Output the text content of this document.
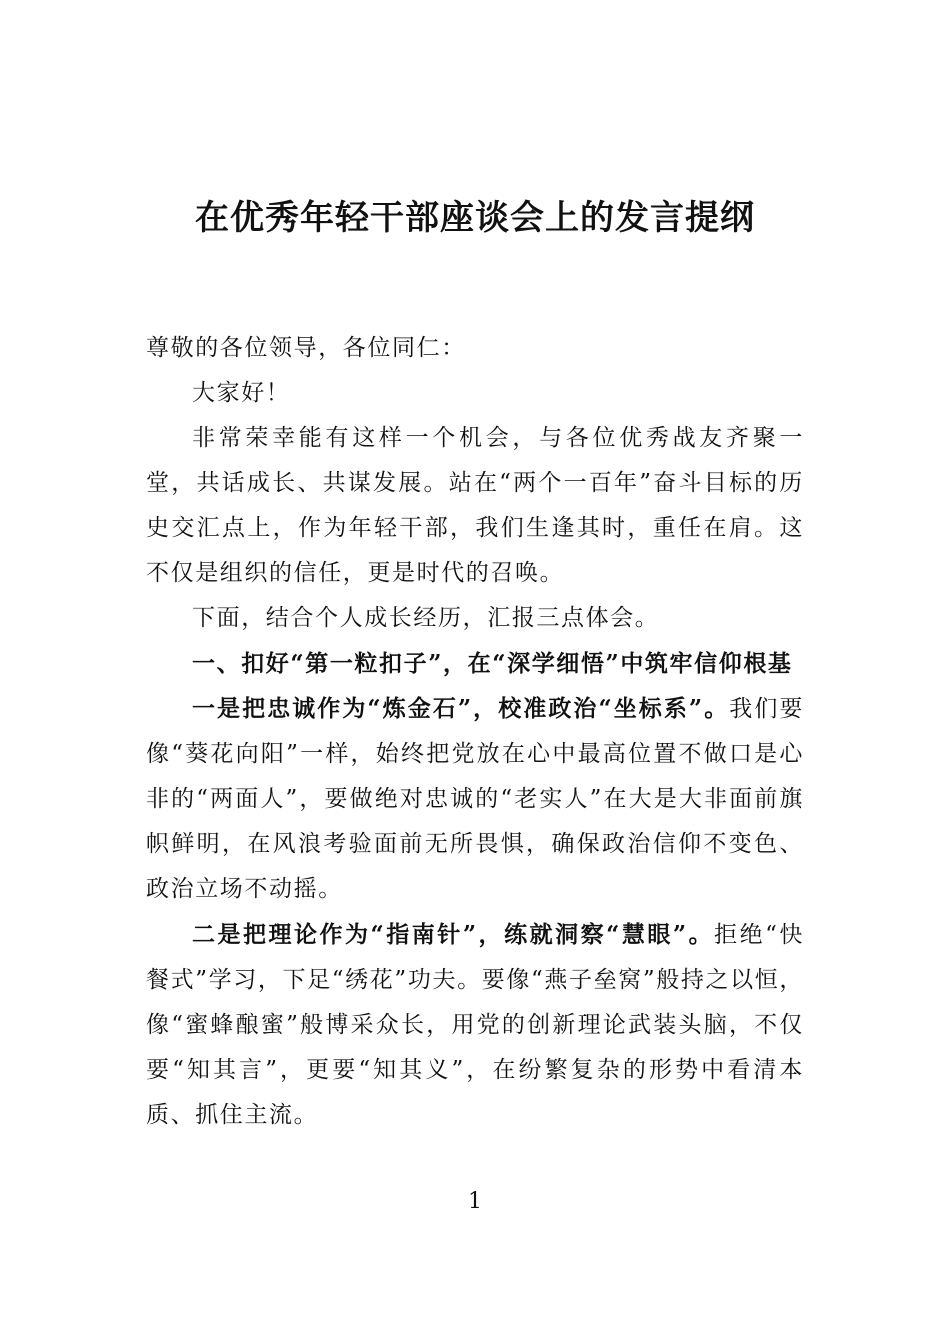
在优秀年轻干部座谈会上的发言提纲

尊敬的各位领导，各位同仁：

大家好！

非常荣幸能有这样一个机会，与各位优秀战友齐聚一堂，共话成长、共谋发展。站在“两个一百年”奋斗目标的历史交汇点上，作为年轻干部，我们生逢其时，重任在肩。这不仅是组织的信任，更是时代的召唤。

下面，结合个人成长经历，汇报三点体会。

一、扣好“第一粒扣子”，在“深学细悟”中筑牢信仰根基

一是把忠诚作为“炼金石”，校准政治“坐标系”。我们要像“葵花向阳”一样，始终把党放在心中最高位置不做口是心非的“两面人”，要做绝对忠诚的“老实人”在大是大非面前旗帜鲜明，在风浪考验面前无所畏惧，确保政治信仰不变色、政治立场不动摇。

二是把理论作为“指南针”，练就洞察“慧眼”。拒绝“快餐式”学习，下足“绣花”功夫。要像“燕子垒窝”般持之以恒，像“蜜蜂酿蜜”般博采众长，用党的创新理论武装头脑，不仅要“知其言”，更要“知其义”，在纷繁复杂的形势中看清本质、抓住主流。

1
